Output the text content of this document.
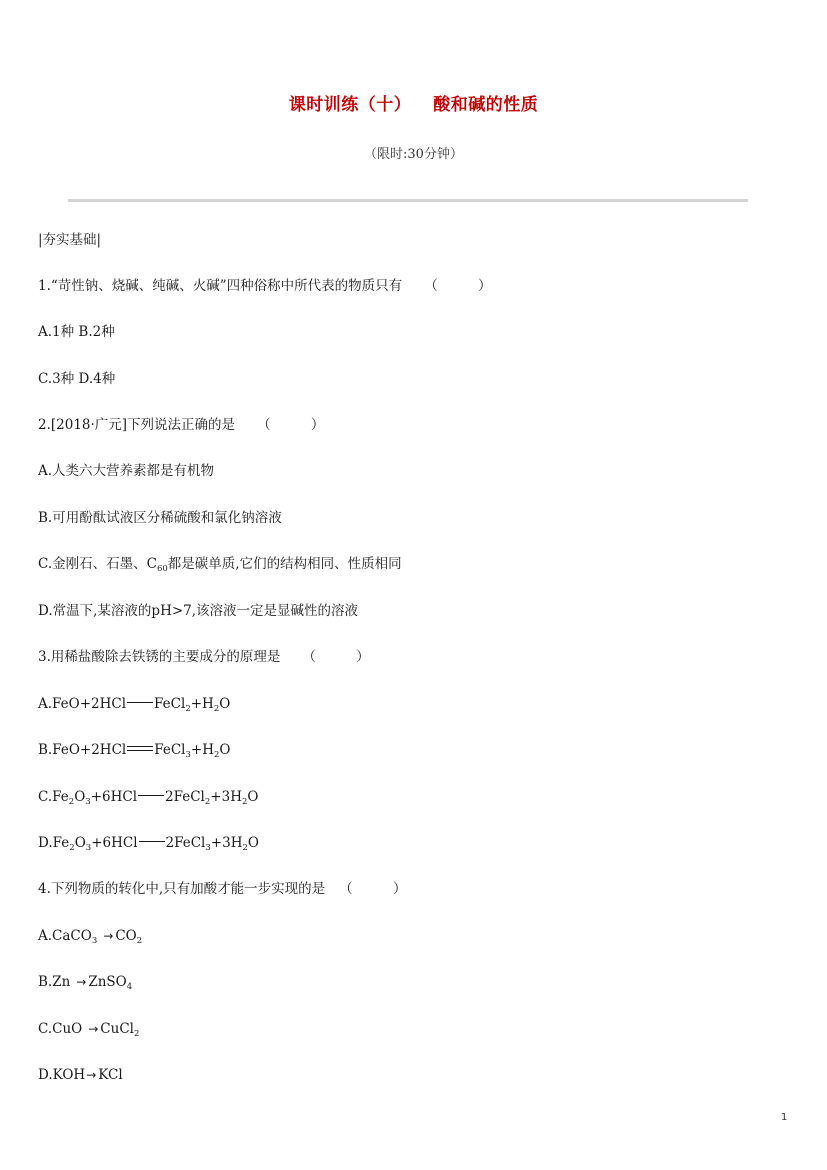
课时训练（十） 酸和碱的性质
（限时:30分钟）
|夯实基础|
1.“苛性钠、烧碱、纯碱、火碱”四种俗称中所代表的物质只有 （ ）
A.1种 B.2种
C.3种 D.4种
2.[2018·广元]下列说法正确的是 （ ）
A.人类六大营养素都是有机物
B.可用酚酞试液区分稀硫酸和氯化钠溶液
C.金刚石、石墨、$C_{60}$都是碳单质,它们的结构相同、性质相同
D.常温下,某溶液的pH>7,该溶液一定是显碱性的溶液
3.用稀盐酸除去铁锈的主要成分的原理是 （ ）
A.FeO+2HCl $FeCl_2+H_2O$
B.FeO+2HCl $FeCl_3+H_2O$
$C.Fe_2O_3+6HCl$ $2FeCl_2+3H_2O$
$D.Fe_2O_3+6HCl$ $2FeCl_3+3H_2O$
4.下列物质的转化中,只有加酸才能一步实现的是 （ ）
A.CaCO$_3$ → $CO_2$
B.Zn → ZnSO$_4$
C.CuO → CuCl$_2$
D.KOH→ KCl
1
